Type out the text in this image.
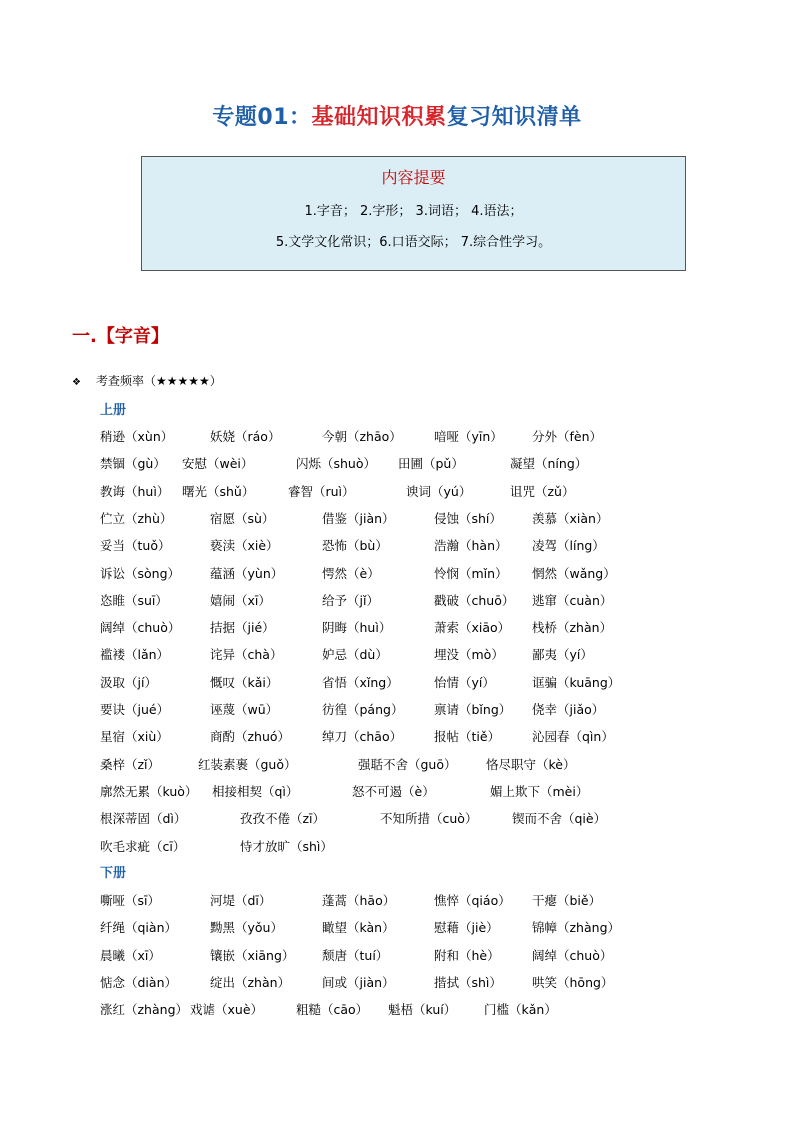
专题01：基础知识积累复习知识清单
内容提要
1.字音； 2.字形； 3.词语； 4.语法；
5.文学文化常识；6.口语交际； 7.综合性学习。
一.【字音】
❖ 考查频率（★★★★★）
上册
稍逊（xùn）	妖娆（ráo）	今朝（zhāo）	喑哑（yīn） 分外（fèn）
禁锢（gù） 安慰（wèi）	闪烁（shuò） 田圃（pǔ）	凝望（níng）
教诲（huì） 曙光（shǔ）	睿智（ruì）	谀词（yú）	诅咒（zǔ）
伫立（zhù）	宿愿（sù）	借鉴（jiàn）	侵蚀（shí） 羡慕（xiàn）
妥当（tuǒ）	亵渎（xiè）	恐怖（bù）	浩瀚（hàn） 凌驾（líng）
诉讼（sòng） 蕴涵（yùn）	愕然（è）	怜悯（mǐn） 惘然（wǎng）
恣睢（suī）	嬉闹（xī）	给予（jǐ）	戳破（chuō） 逃窜（cuàn）
阔绰（chuò） 拮据（jié）	阴晦（huì）	萧索（xiāo） 栈桥（zhàn）
褴褛（lǎn）	诧异（chà）	妒忌（dù）	埋没（mò） 鄙夷（yí）
汲取（jí）	慨叹（kǎi）	省悟（xǐng）	怡情（yí）	诓骗（kuāng）
要诀（jué）	诬蔑（wū）	彷徨（páng） 禀请（bǐng） 侥幸（jiǎo）
星宿（xiù）	商酌（zhuó）	绰刀（chāo）	报帖（tiě）	沁园春（qìn）
桑梓（zǐ）	红装素裹（guǒ）	强聒不舍（guō） 恪尽职守（kè）
廓然无累（kuò） 相接相契（qì）	怒不可遏（è）	媚上欺下（mèi）
根深蒂固（dì）	孜孜不倦（zī）	不知所措（cuò）	锲而不舍（qiè）
吹毛求疵（cī）	恃才放旷（shì）
下册
嘶哑（sī）	河堤（dī）	蓬蒿（hāo）	憔悴（qiáo） 干瘪（biě）
纤绳（qiàn）	黝黑（yǒu）	瞰望（kàn）	慰藉（jiè）	锦幛（zhàng）
晨曦（xī）	镶嵌（xiāng） 颓唐（tuí）	附和（hè）	阔绰（chuò）
惦念（diàn）	绽出（zhàn）	间或（jiàn）	揩拭（shì） 哄笑（hōng）
涨红（zhàng） 戏谑（xuè）	粗糙（cāo） 魁梧（kuí） 门槛（kǎn）
